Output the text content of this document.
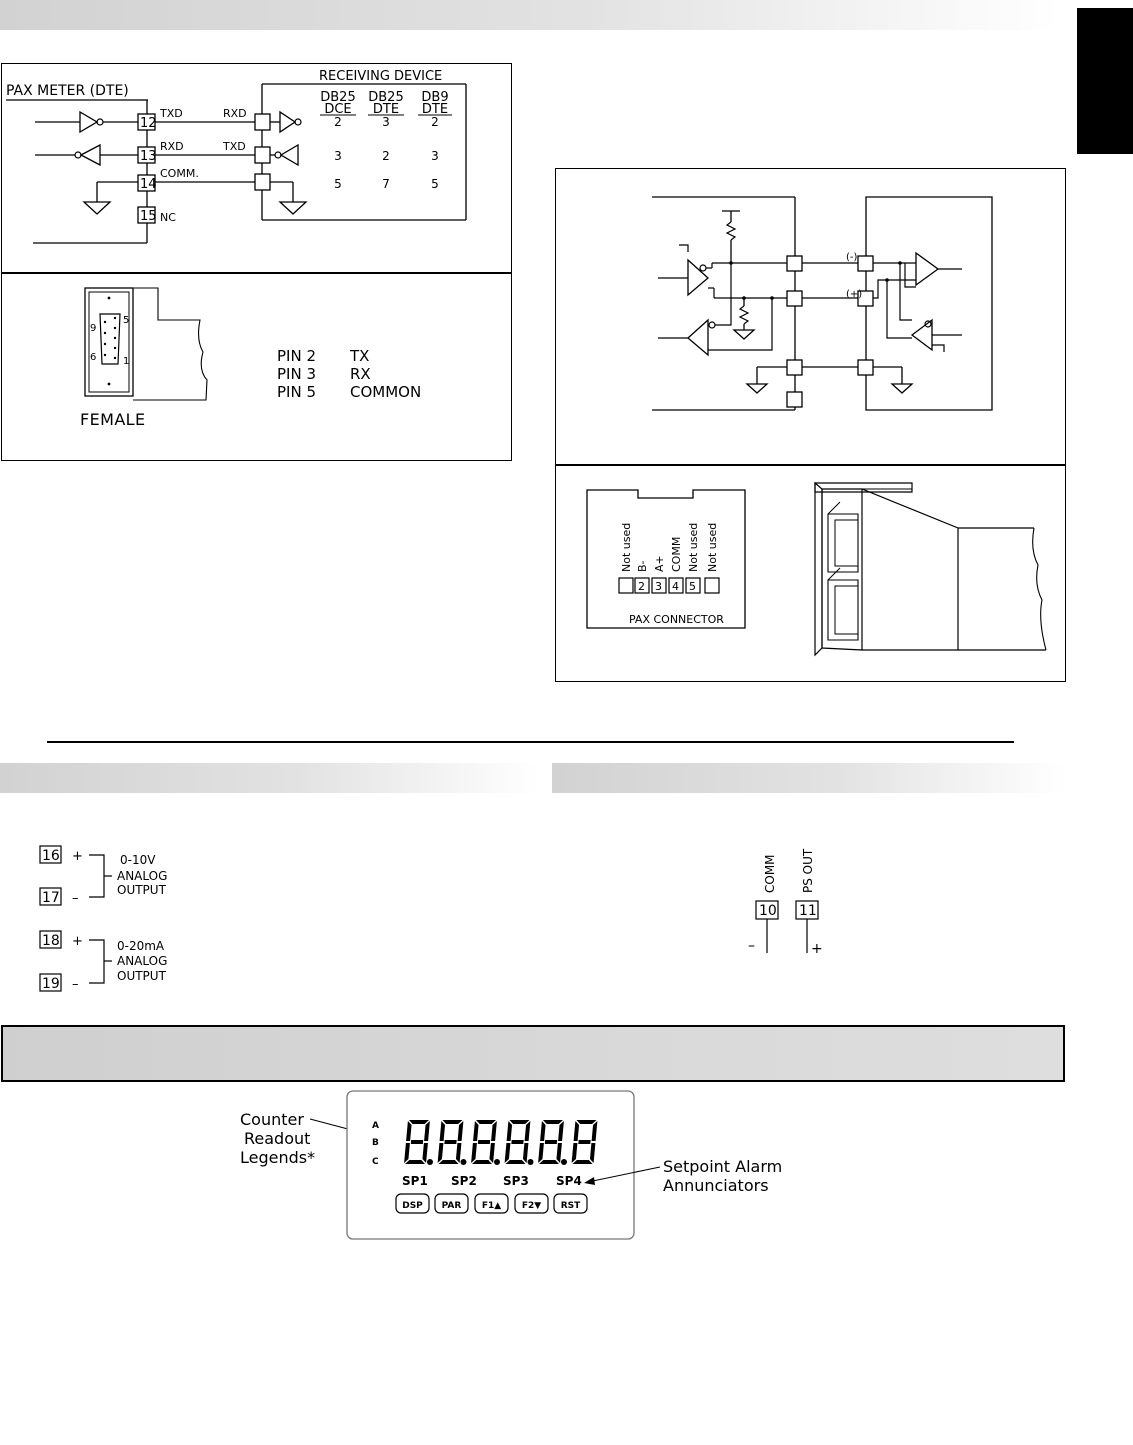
PAX METER (DTE)
12
13
14
15
TXD
RXD
COMM.
NC
RXD
TXD
RECEIVING DEVICE
DB25
DCE
2
3
5
DB25
DTE
3
2
7
DB9
DTE
2
3
5
9
5
6	1
FEMALE
PIN 2 TX
PIN 3 RX
PIN 5 COMMON
(-)
(+)
PAX CONNECTOR
Not used
2
B-
3
A+
4
COMM
5
Not used Not used
16 +
17 –
0-10V
ANALOG
OUTPUT
18 +
19 –
0-20mA
ANALOG
OUTPUT
COMM PS OUT
10 11
–	+
Counter
Readout
Legends*
A
B
C
SP1 SP2 SP3 SP4
DSP PAR F1▲ F2▼ RST
Setpoint Alarm
Annunciators
